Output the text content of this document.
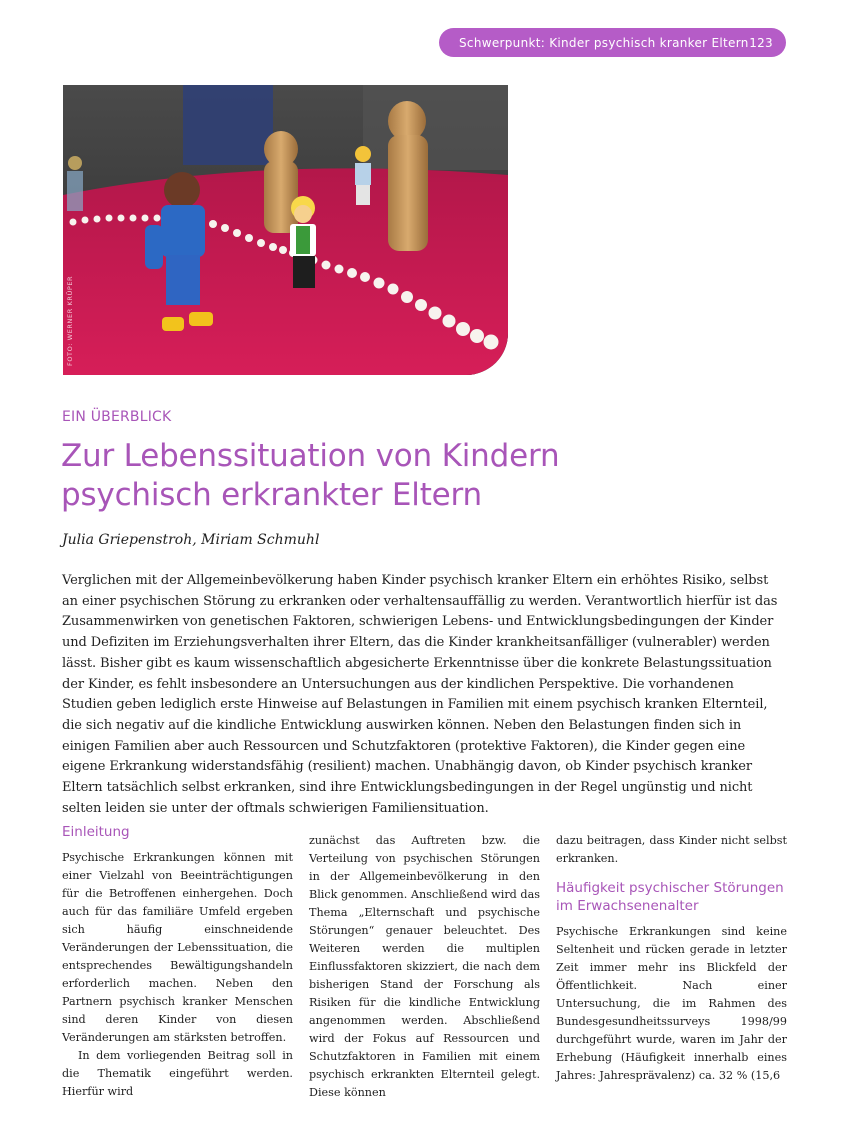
Schwerpunkt: Kinder psychisch kranker Eltern 123
FOTO: WERNER KRÜPER
EIN ÜBERBLICK
Zur Lebenssituation von Kindern
psychisch erkrankter Eltern
Julia Griepenstroh, Miriam Schmuhl

Verglichen mit der Allgemeinbevölkerung haben Kinder psychisch kranker Eltern ein erhöhtes Risiko, selbst an einer psychischen Störung zu erkranken oder verhaltensauffällig zu werden. Verantwortlich hierfür ist das Zusammenwirken von genetischen Faktoren, schwierigen Lebens- und Entwicklungsbedingungen der Kinder und Defiziten im Erziehungsverhalten ihrer Eltern, das die Kinder krankheitsanfälliger (vulnerabler) werden lässt. Bisher gibt es kaum wissenschaftlich abgesicherte Erkenntnisse über die konkrete Belastungssituation der Kinder, es fehlt insbesondere an Untersuchungen aus der kindlichen Perspektive. Die vorhandenen Studien geben lediglich erste Hinweise auf Belastungen in Familien mit einem psychisch kranken Elternteil, die sich negativ auf die kindliche Entwicklung auswirken können. Neben den Belastungen finden sich in einigen Familien aber auch Ressourcen und Schutzfaktoren (protektive Faktoren), die Kinder gegen eine eigene Erkrankung widerstandsfähig (resilient) machen. Unabhängig davon, ob Kinder psychisch kranker Eltern tatsächlich selbst erkranken, sind ihre Entwicklungsbedingungen in der Regel ungünstig und nicht selten leiden sie unter der oftmals schwierigen Familiensituation.

Einleitung

Psychische Erkrankungen können mit einer Vielzahl von Beeinträchtigungen für die Betroffenen einhergehen. Doch auch für das familiäre Umfeld ergeben sich häufig einschneidende Veränderungen der Lebenssituation, die entsprechendes Bewältigungshandeln erforderlich machen. Neben den Partnern psychisch kranker Menschen sind deren Kinder von diesen Veränderungen am stärksten betroffen.

In dem vorliegenden Beitrag soll in die Thematik eingeführt werden. Hierfür wird

zunächst das Auftreten bzw. die Verteilung von psychischen Störungen in der Allgemeinbevölkerung in den Blick genommen. Anschließend wird das Thema „Elternschaft und psychische Störungen“ genauer beleuchtet. Des Weiteren werden die multiplen Einflussfaktoren skizziert, die nach dem bisherigen Stand der Forschung als Risiken für die kindliche Entwicklung angenommen werden. Abschließend wird der Fokus auf Ressourcen und Schutzfaktoren in Familien mit einem psychisch erkrankten Elternteil gelegt. Diese können

dazu beitragen, dass Kinder nicht selbst erkranken.

Häufigkeit psychischer Störungen im Erwachsenenalter

Psychische Erkrankungen sind keine Seltenheit und rücken gerade in letzter Zeit immer mehr ins Blickfeld der Öffentlichkeit. Nach einer Untersuchung, die im Rahmen des Bundesgesundheitssurveys 1998/99 durchgeführt wurde, waren im Jahr der Erhebung (Häufigkeit innerhalb eines Jahres: Jahresprävalenz) ca. 32 % (15,6
